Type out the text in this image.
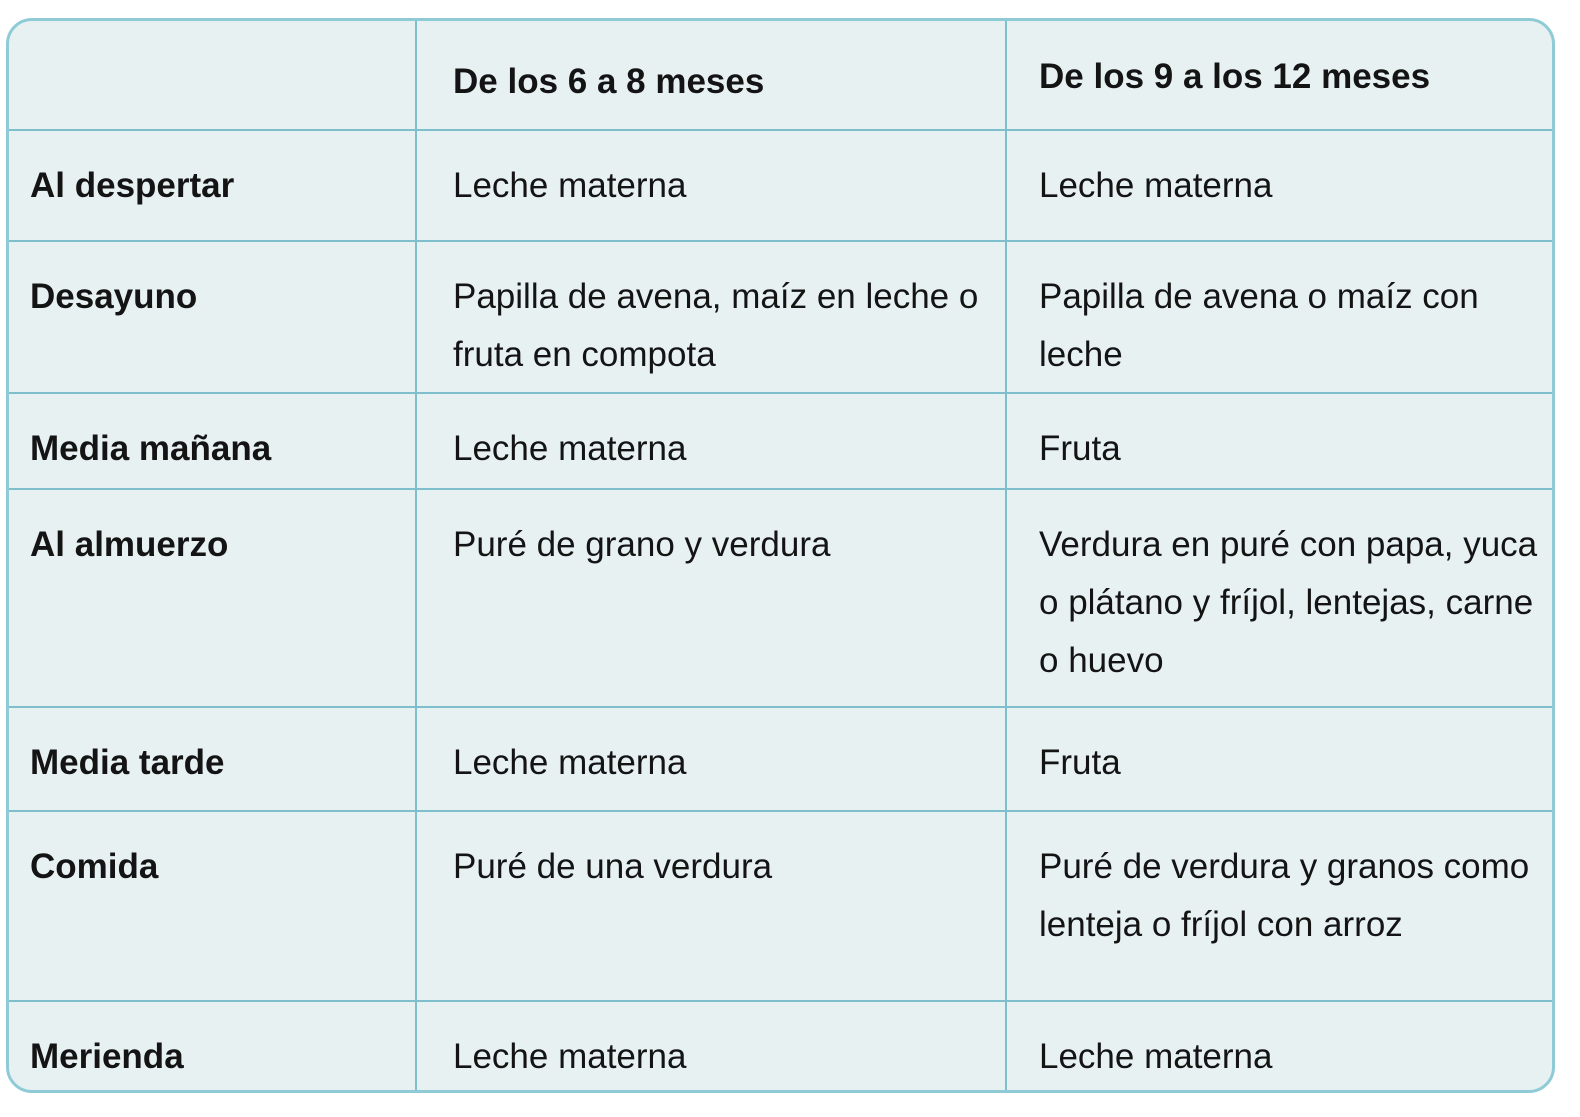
	De los 6 a 8 meses	De los 9 a los 12 meses
Al despertar	Leche materna	Leche materna
Desayuno	Papilla de avena, maíz en leche o fruta en compota	Papilla de avena o maíz con leche
Media mañana	Leche materna	Fruta
Al almuerzo	Puré de grano y verdura	Verdura en puré con papa, yuca o plátano y fríjol, lentejas, carne o huevo
Media tarde	Leche materna	Fruta
Comida	Puré de una verdura	Puré de verdura y granos como lenteja o fríjol con arroz
Merienda	Leche materna	Leche materna
